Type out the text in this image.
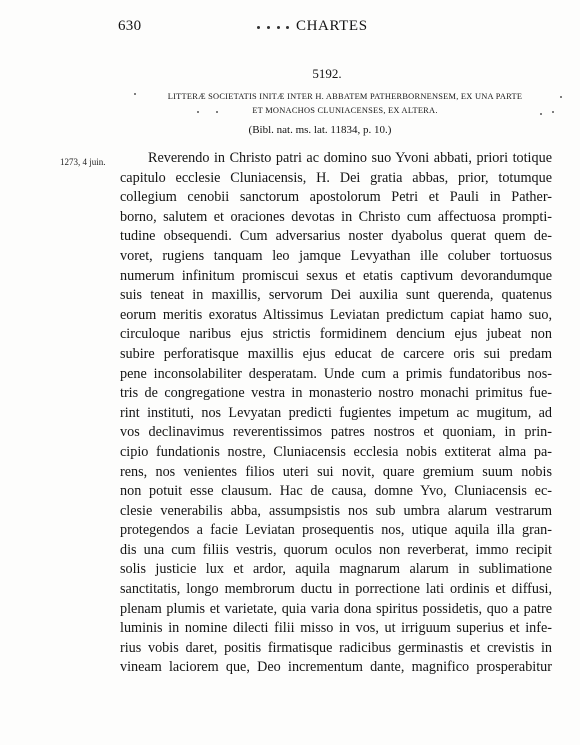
630	CHARTES
5192.
LITTERÆ SOCIETATIS INITÆ INTER H. ABBATEM PATHERBORNENSEM, EX UNA PARTE
ET MONACHOS CLUNIACENSES, EX ALTERA.
(Bibl. nat. ms. lat. 11834, p. 10.)
1273, 4 juin.	Reverendo in Christo patri ac domino suo Yvoni abbati, priori totique
capitulo ecclesie Cluniacensis, H. Dei gratia abbas, prior, totumque
collegium cenobii sanctorum apostolorum Petri et Pauli in Pather-
borno, salutem et oraciones devotas in Christo cum affectuosa prompti-
tudine obsequendi. Cum adversarius noster dyabolus querat quem de-
voret, rugiens tanquam leo jamque Levyathan ille coluber tortuosus
numerum infinitum promiscui sexus et etatis captivum devorandumque
suis teneat in maxillis, servorum Dei auxilia sunt querenda, quatenus
eorum meritis exoratus Altissimus Leviatan predictum capiat hamo suo,
circuloque naribus ejus strictis formidinem dencium ejus jubeat non
subire perforatisque maxillis ejus educat de carcere oris sui predam
pene inconsolabiliter desperatam. Unde cum a primis fundatoribus nos-
tris de congregatione vestra in monasterio nostro monachi primitus fue-
rint instituti, nos Levyatan predicti fugientes impetum ac mugitum, ad
vos declinavimus reverentissimos patres nostros et quoniam, in prin-
cipio fundationis nostre, Cluniacensis ecclesia nobis extiterat alma pa-
rens, nos venientes filios uteri sui novit, quare gremium suum nobis
non potuit esse clausum. Hac de causa, domne Yvo, Cluniacensis ec-
clesie venerabilis abba, assumpsistis nos sub umbra alarum vestrarum
protegendos a facie Leviatan prosequentis nos, utique aquila illa gran-
dis una cum filiis vestris, quorum oculos non reverberat, immo recipit
solis justicie lux et ardor, aquila magnarum alarum in sublimatione
sanctitatis, longo membrorum ductu in porrectione lati ordinis et diffusi,
plenam plumis et varietate, quia varia dona spiritus possidetis, quo a patre
luminis in nomine dilecti filii misso in vos, ut irriguum superius et infe-
rius vobis daret, positis firmatisque radicibus germinastis et crevistis in
vineam laciorem que, Deo incrementum dante, magnifico prosperabitur
